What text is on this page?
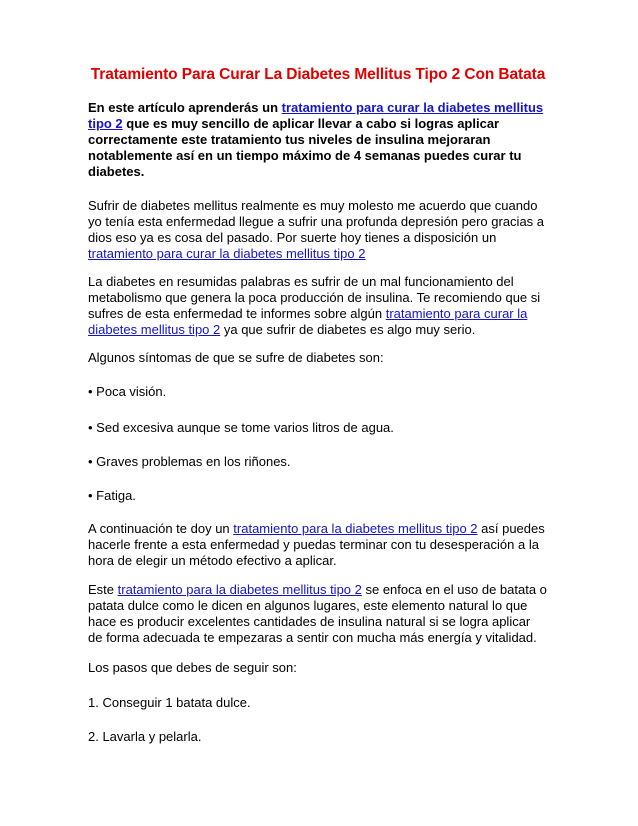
Tratamiento Para Curar La Diabetes Mellitus Tipo 2 Con Batata

En este artículo aprenderás un tratamiento para curar la diabetes mellitus tipo 2 que es muy sencillo de aplicar llevar a cabo si logras aplicar correctamente este tratamiento tus niveles de insulina mejoraran notablemente así en un tiempo máximo de 4 semanas puedes curar tu diabetes.

Sufrir de diabetes mellitus realmente es muy molesto me acuerdo que cuando yo tenía esta enfermedad llegue a sufrir una profunda depresión pero gracias a dios eso ya es cosa del pasado. Por suerte hoy tienes a disposición un tratamiento para curar la diabetes mellitus tipo 2

La diabetes en resumidas palabras es sufrir de un mal funcionamiento del metabolismo que genera la poca producción de insulina. Te recomiendo que si sufres de esta enfermedad te informes sobre algún tratamiento para curar la diabetes mellitus tipo 2 ya que sufrir de diabetes es algo muy serio.

Algunos síntomas de que se sufre de diabetes son:

• Poca visión.

• Sed excesiva aunque se tome varios litros de agua.

• Graves problemas en los riñones.

• Fatiga.

A continuación te doy un tratamiento para la diabetes mellitus tipo 2 así puedes hacerle frente a esta enfermedad y puedas terminar con tu desesperación a la hora de elegir un método efectivo a aplicar.

Este tratamiento para la diabetes mellitus tipo 2 se enfoca en el uso de batata o patata dulce como le dicen en algunos lugares, este elemento natural lo que hace es producir excelentes cantidades de insulina natural si se logra aplicar de forma adecuada te empezaras a sentir con mucha más energía y vitalidad.

Los pasos que debes de seguir son:

1. Conseguir 1 batata dulce.

2. Lavarla y pelarla.
